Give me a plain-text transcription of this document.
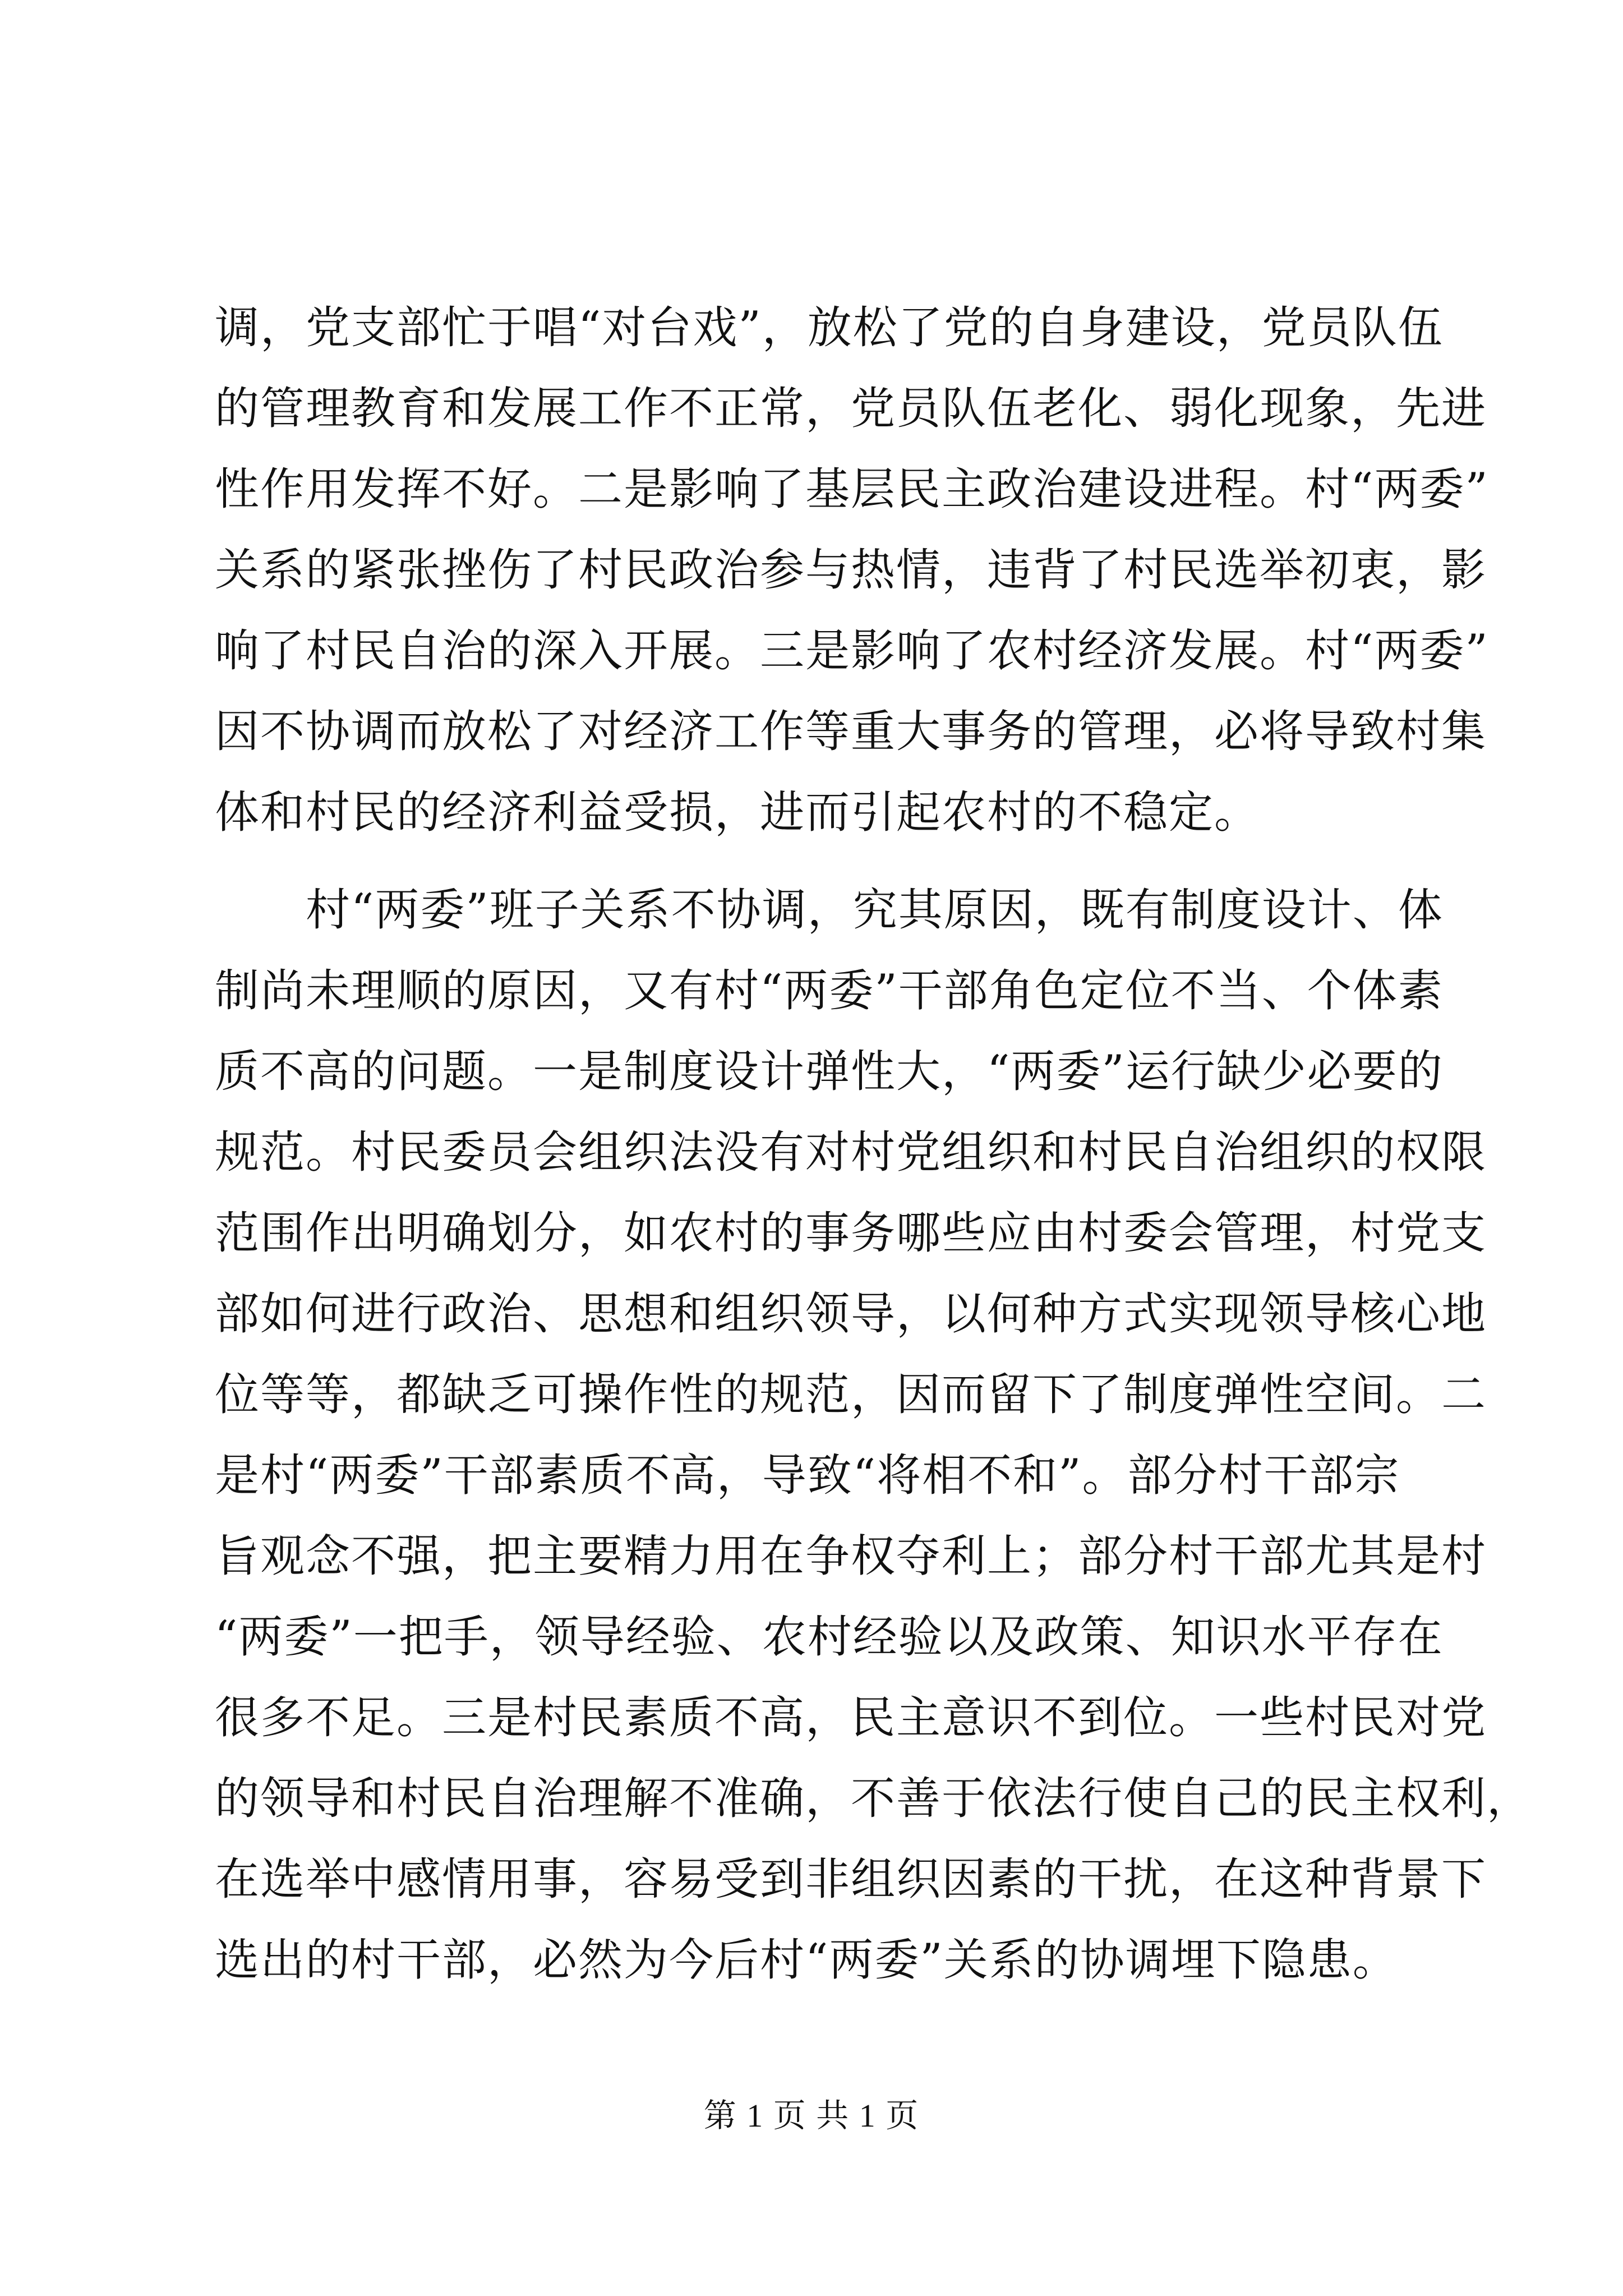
调，党支部忙于唱“对台戏”，放松了党的自身建设，党员队伍
的管理教育和发展工作不正常，党员队伍老化、弱化现象，先进
性作用发挥不好。二是影响了基层民主政治建设进程。村“两委”
关系的紧张挫伤了村民政治参与热情，违背了村民选举初衷，影
响了村民自治的深入开展。三是影响了农村经济发展。村“两委”
因不协调而放松了对经济工作等重大事务的管理，必将导致村集
体和村民的经济利益受损，进而引起农村的不稳定。
　　村“两委”班子关系不协调，究其原因，既有制度设计、体
制尚未理顺的原因，又有村“两委”干部角色定位不当、个体素
质不高的问题。一是制度设计弹性大，“两委”运行缺少必要的
规范。村民委员会组织法没有对村党组织和村民自治组织的权限
范围作出明确划分，如农村的事务哪些应由村委会管理，村党支
部如何进行政治、思想和组织领导，以何种方式实现领导核心地
位等等，都缺乏可操作性的规范，因而留下了制度弹性空间。二
是村“两委”干部素质不高，导致“将相不和”。部分村干部宗
旨观念不强，把主要精力用在争权夺利上；部分村干部尤其是村
“两委”一把手，领导经验、农村经验以及政策、知识水平存在
很多不足。三是村民素质不高，民主意识不到位。一些村民对党
的领导和村民自治理解不准确，不善于依法行使自己的民主权利，
在选举中感情用事，容易受到非组织因素的干扰，在这种背景下
选出的村干部，必然为今后村“两委”关系的协调埋下隐患。
第 1 页 共 1 页
